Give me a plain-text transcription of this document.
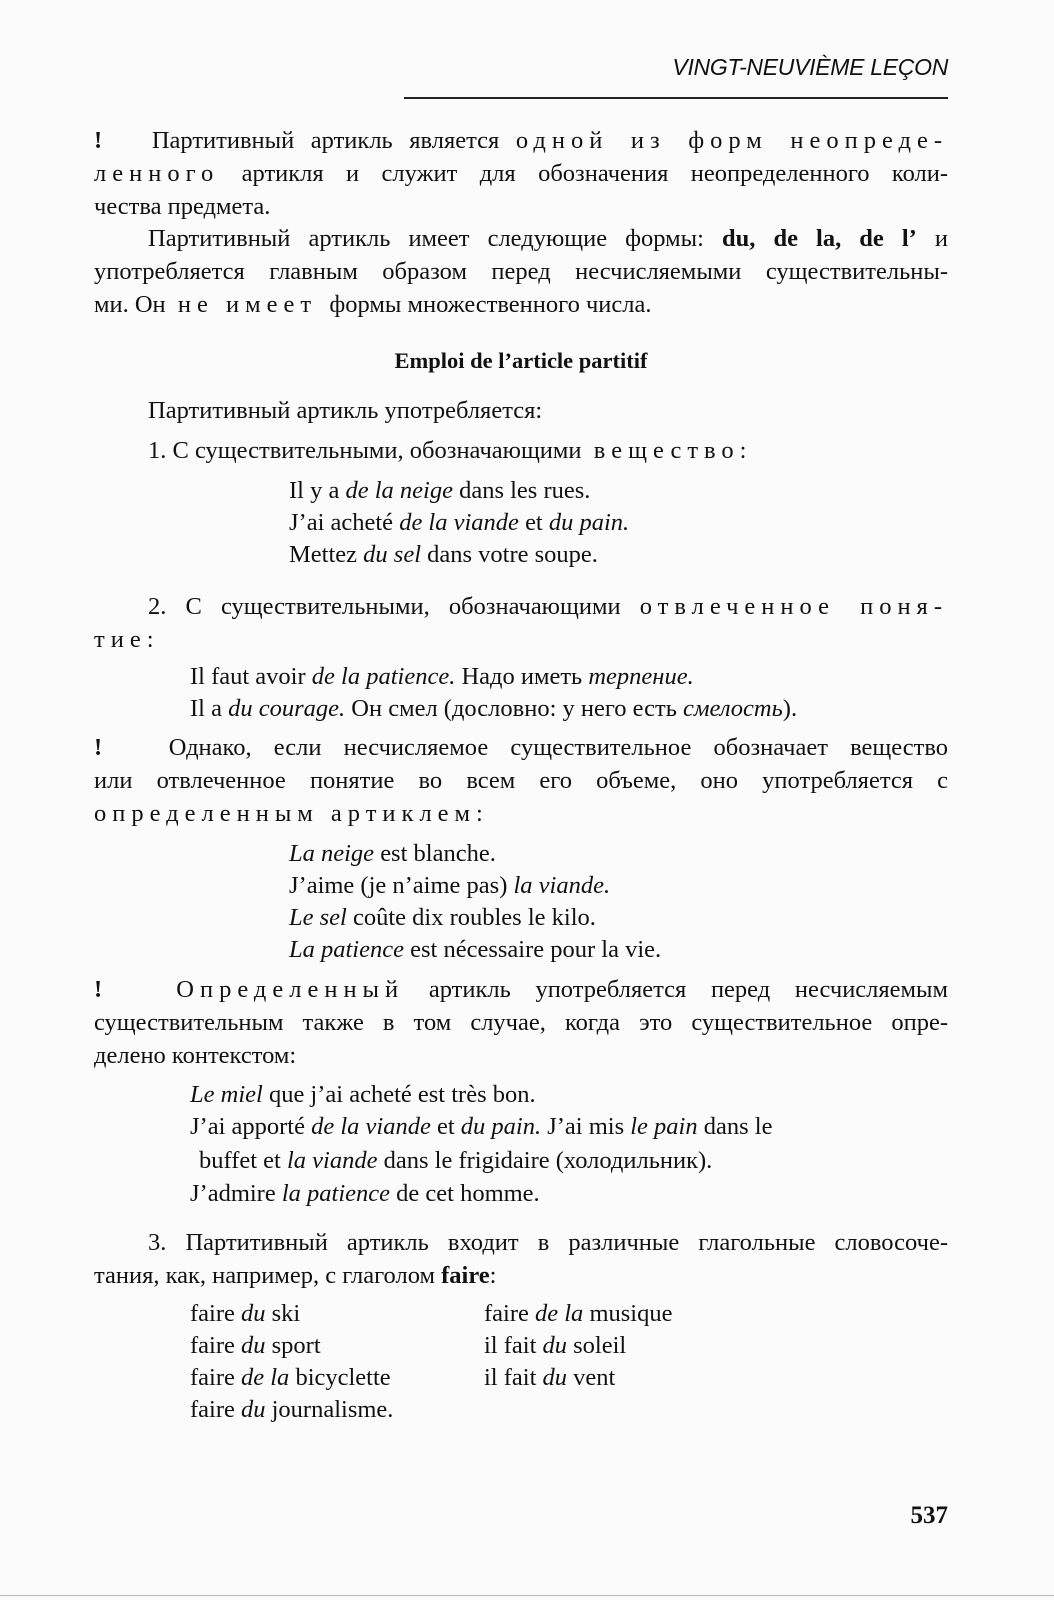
VINGT-NEUVIÈME LEÇON
! Партитивный артикль является одной из форм неопреде-
ленного артикля и служит для обозначения неопределенного коли-
чества предмета.
Партитивный артикль имеет следующие формы: du, de la, de l’ и
употребляется главным образом перед несчисляемыми существительны-
ми. Он не имеет формы множественного числа.
Emploi de l’article partitif
Партитивный артикль употребляется:
1. С существительными, обозначающими вещество:
Il y a de la neige dans les rues.
J’ai acheté de la viande et du pain.
Mettez du sel dans votre soupe.
2. С существительными, обозначающими отвлеченное поня-
тие:
Il faut avoir de la patience. Надо иметь терпение.
Il a du courage. Он смел (дословно: у него есть смелость).
!	Однако, если несчисляемое существительное обозначает вещество
или отвлеченное понятие во всем его объеме, оно употребляется с
определенным артиклем:
La neige est blanche.
J’aime (je n’aime pas) la viande.
Le sel coûte dix roubles le kilo.
La patience est nécessaire pour la vie.
!	Определенный артикль употребляется перед несчисляемым
существительным также в том случае, когда это существительное опре-
делено контекстом:
Le miel que j’ai acheté est très bon.
J’ai apporté de la viande et du pain. J’ai mis le pain dans le
buffet et la viande dans le frigidaire (холодильник).
J’admire la patience de cet homme.
3. Партитивный артикль входит в различные глагольные словосоче-
тания, как, например, с глаголом faire:
faire du ski
faire du sport
faire de la bicyclette
faire du journalisme.
faire de la musique
il fait du soleil
il fait du vent
537
